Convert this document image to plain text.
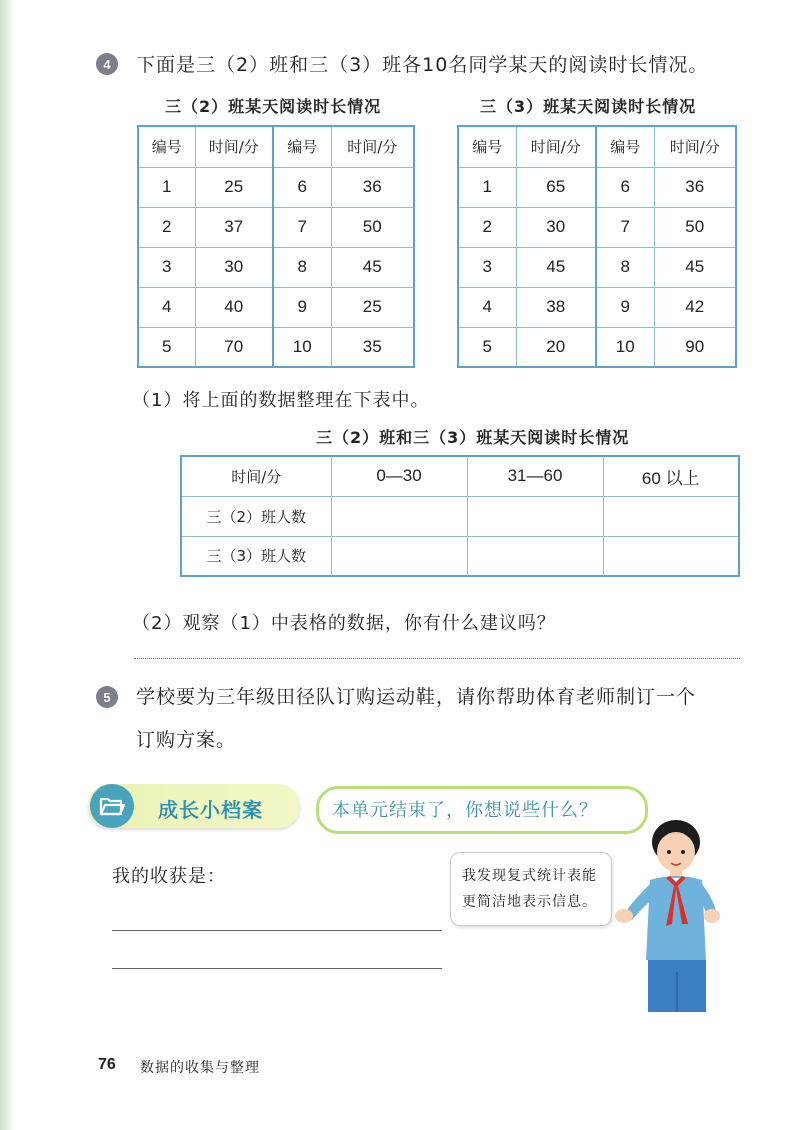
4 下面是三（2）班和三（3）班各10名同学某天的阅读时长情况。
三（2）班某天阅读时长情况	三（3）班某天阅读时长情况
编号	时间/分	编号	时间/分
1	25	6	36
2	37	7	50
3	30	8	45
4	40	9	25
5	70	10	35
编号	时间/分	编号	时间/分
1	65	6	36
2	30	7	50
3	45	8	45
4	38	9	42
5	20	10	90
（1）将上面的数据整理在下表中。
三（2）班和三（3）班某天阅读时长情况
时间/分	0—30	31—60	60 以上
三（2）班人数			
三（3）班人数			
（2）观察（1）中表格的数据，你有什么建议吗？
5 学校要为三年级田径队订购运动鞋，请你帮助体育老师制订一个
订购方案。
成长小档案	本单元结束了，你想说些什么？
我的收获是：	我发现复式统计表能
更简洁地表示信息。
76 数据的收集与整理
